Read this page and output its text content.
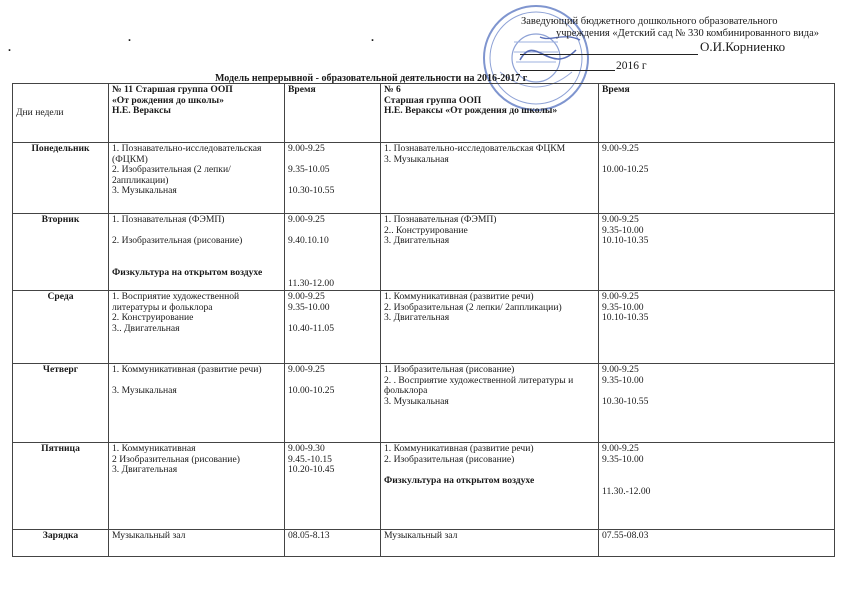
Заведующий бюджетного дошкольного образовательного
учреждения «Детский сад № 330 комбинированного вида»
О.И.Корниенко
2016 г
.
.	.
Модель непрерывной - образовательной деятельности на 2016-2017 г
Дни недели	№ 11 Старшая группа ООП
«От рождения до школы»
Н.Е. Вераксы	Время	№ 6
Старшая группа ООП
Н.Е. Вераксы «От рождения до школы»	Время
Понедельник	1. Познавательно-исследовательская
(ФЦКМ)
2. Изобразительная (2 лепки/
2аппликации)
3. Музыкальная	9.00-9.25
9.35-10.05
10.30-10.55	1. Познавательно-исследовательская ФЦКМ
3. Музыкальная	9.00-9.25
10.00-10.25

Вторник	1. Познавательная (ФЭМП)
2. Изобразительная (рисование)
Физкультура на открытом воздухе	9.00-9.25
9.40.10.10
11.30-12.00	1. Познавательная (ФЭМП)
2.. Конструирование
3. Двигательная	9.00-9.25
9.35-10.00
10.10-10.35

Среда	1. Восприятие художественной
литературы и фольклора
2. Конструирование
3.. Двигательная	9.00-9.25
9.35-10.00
10.40-11.05	1. Коммуникативная (развитие речи)
2. Изобразительная (2 лепки/ 2аппликации)
3. Двигательная	9.00-9.25
9.35-10.00
10.10-10.35

Четверг	1. Коммуникативная (развитие речи)
3. Музыкальная	9.00-9.25
10.00-10.25	1. Изобразительная (рисование)
2. . Восприятие художественной литературы и
фольклора
3. Музыкальная	9.00-9.25
9.35-10.00
10.30-10.55

Пятница	1. Коммуникативная
2 Изобразительная (рисование)
3. Двигательная	9.00-9.30
9.45.-10.15
10.20-10.45	1. Коммуникативная (развитие речи)
2. Изобразительная (рисование)
Физкультура на открытом воздухе	9.00-9.25
9.35-10.00
11.30.-12.00

Зарядка	Музыкальный зал	08.05-8.13	Музыкальный зал	07.55-08.03
